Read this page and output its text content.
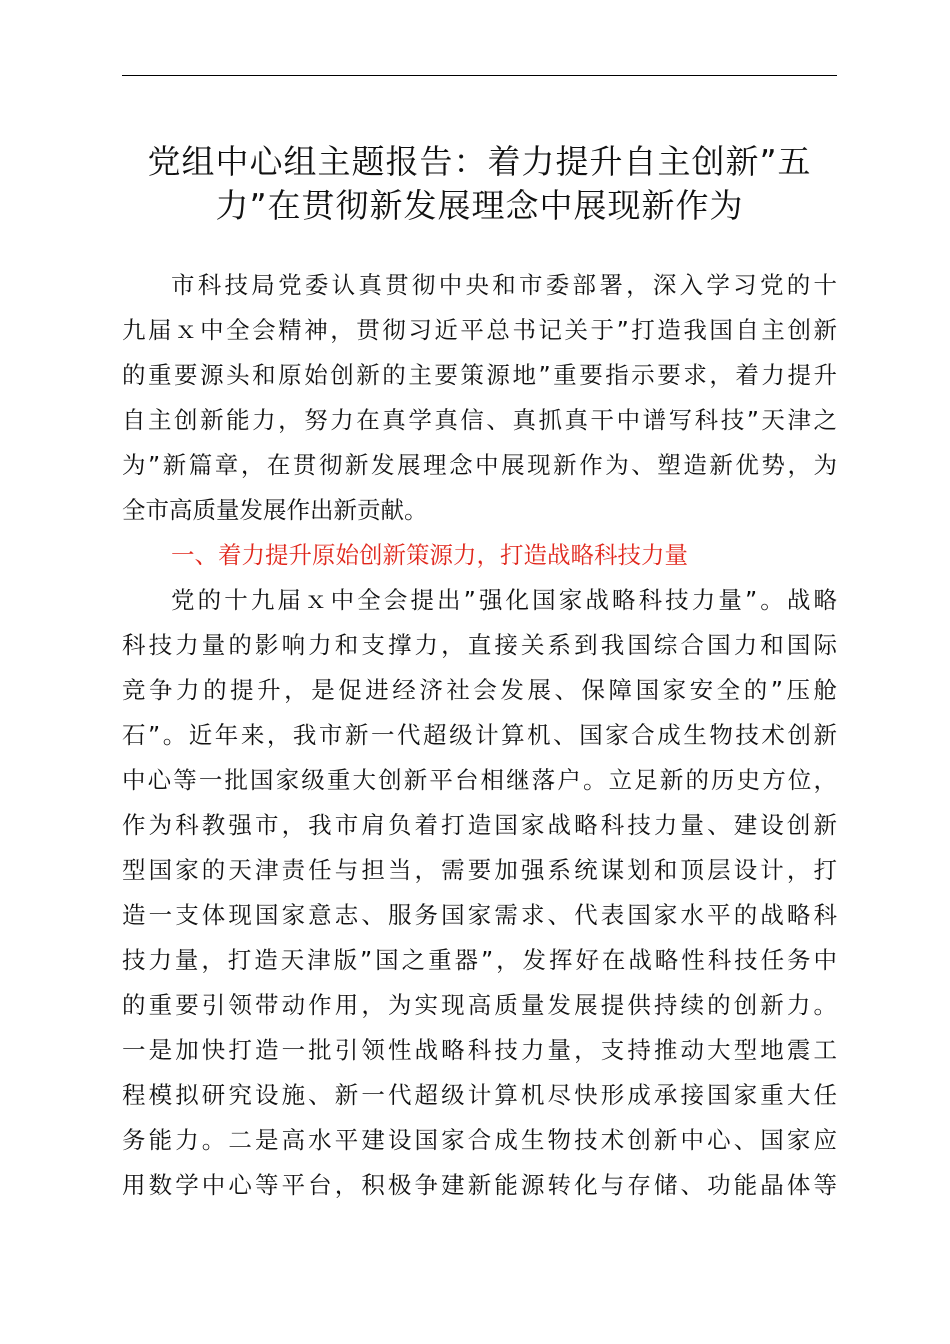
党组中心组主题报告：着力提升自主创新”五
力”在贯彻新发展理念中展现新作为
市科技局党委认真贯彻中央和市委部署，深入学习党的十
九届ｘ中全会精神，贯彻习近平总书记关于”打造我国自主创新
的重要源头和原始创新的主要策源地”重要指示要求，着力提升
自主创新能力，努力在真学真信、真抓真干中谱写科技”天津之
为”新篇章，在贯彻新发展理念中展现新作为、塑造新优势，为
全市高质量发展作出新贡献。
一、着力提升原始创新策源力，打造战略科技力量
党的十九届ｘ中全会提出”强化国家战略科技力量”。战略
科技力量的影响力和支撑力，直接关系到我国综合国力和国际
竞争力的提升，是促进经济社会发展、保障国家安全的”压舱
石”。近年来，我市新一代超级计算机、国家合成生物技术创新
中心等一批国家级重大创新平台相继落户。立足新的历史方位，
作为科教强市，我市肩负着打造国家战略科技力量、建设创新
型国家的天津责任与担当，需要加强系统谋划和顶层设计，打
造一支体现国家意志、服务国家需求、代表国家水平的战略科
技力量，打造天津版”国之重器”，发挥好在战略性科技任务中
的重要引领带动作用，为实现高质量发展提供持续的创新力。
一是加快打造一批引领性战略科技力量，支持推动大型地震工
程模拟研究设施、新一代超级计算机尽快形成承接国家重大任
务能力。二是高水平建设国家合成生物技术创新中心、国家应
用数学中心等平台，积极争建新能源转化与存储、功能晶体等
